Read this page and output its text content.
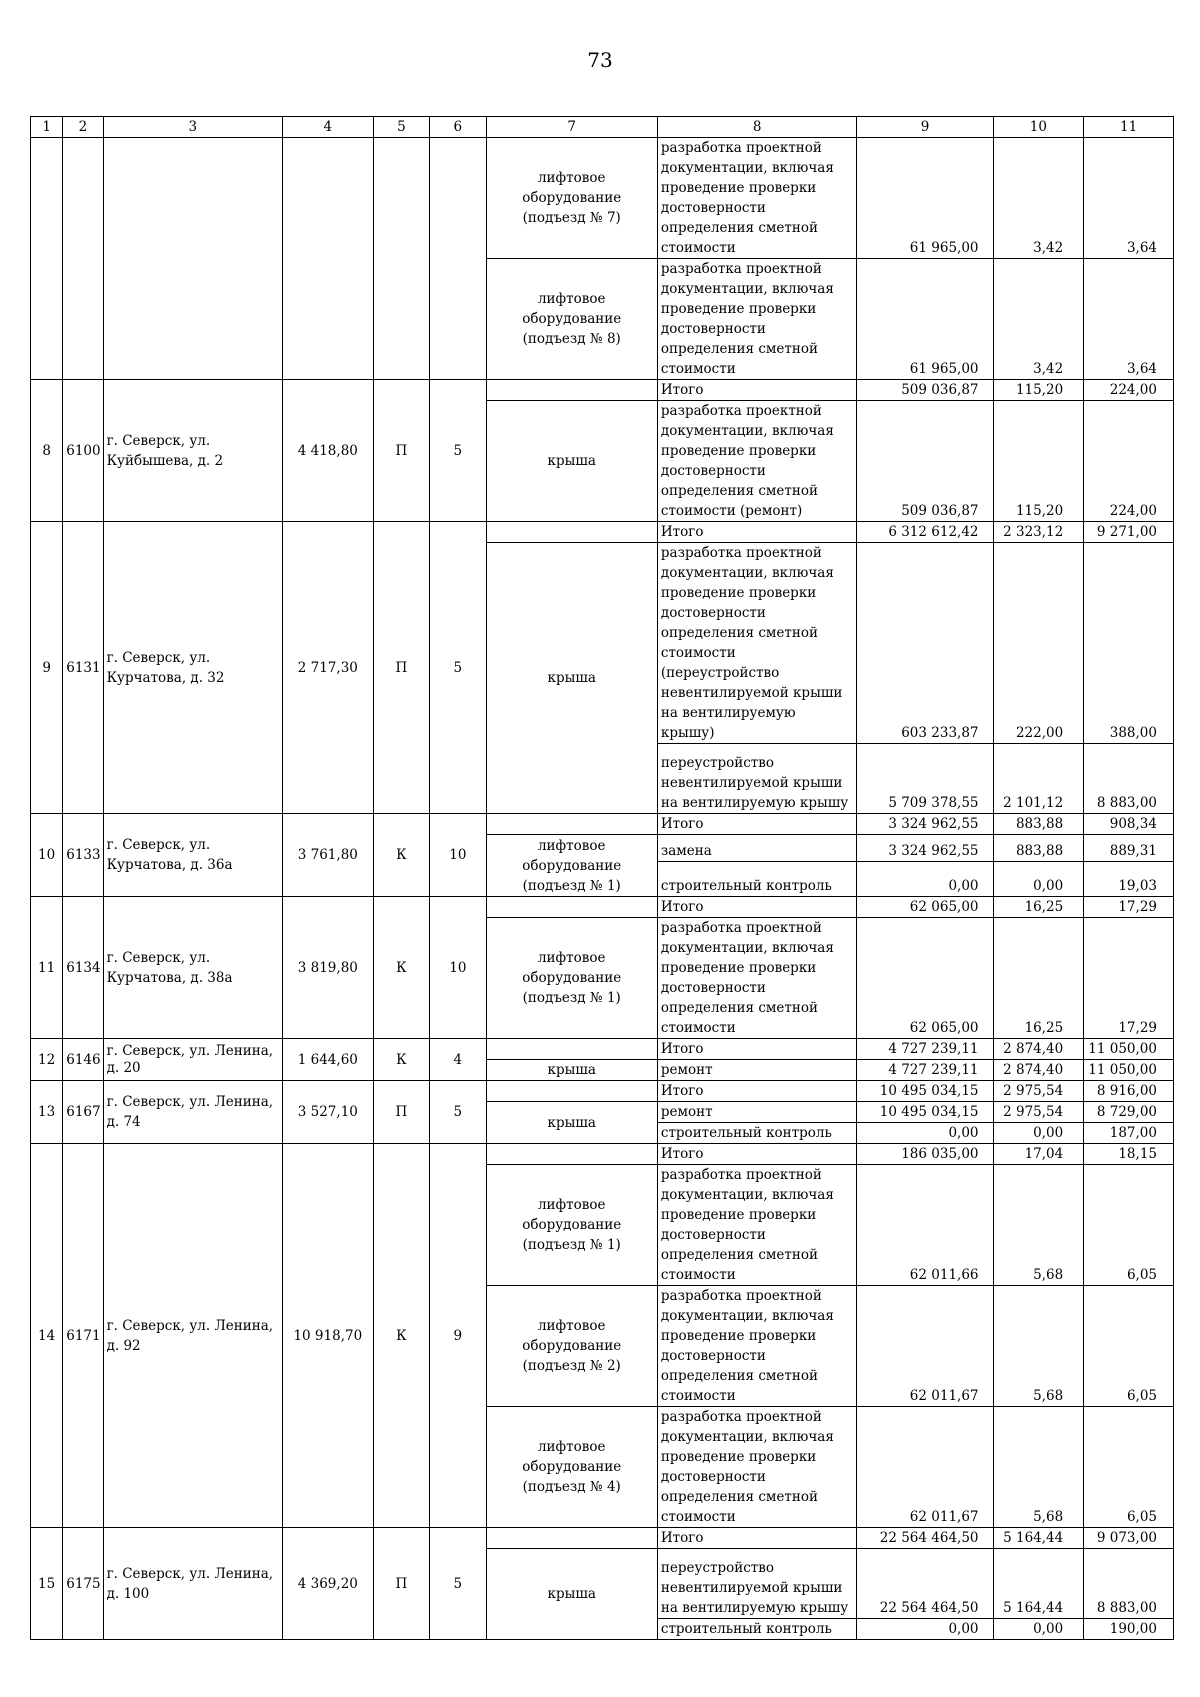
73
1	2	3	4	5	6	7	8	9	10	11
						лифтовое оборудование (подъезд № 7)	разработка проектной документации, включая проведение проверки достоверности определения сметной стоимости	61 965,00	3,42	3,64
						лифтовое оборудование (подъезд № 8)	разработка проектной документации, включая проведение проверки достоверности определения сметной стоимости	61 965,00	3,42	3,64
8	6100	г. Северск, ул. Куйбышева, д. 2	4 418,80	П	5		Итого	509 036,87	115,20	224,00
						крыша	разработка проектной документации, включая проведение проверки достоверности определения сметной стоимости (ремонт)	509 036,87	115,20	224,00
9	6131	г. Северск, ул. Курчатова, д. 32	2 717,30	П	5		Итого	6 312 612,42	2 323,12	9 271,00
						крыша	разработка проектной документации, включая проведение проверки достоверности определения сметной стоимости (переустройство невентилируемой крыши на вентилируемую крышу)	603 233,87	222,00	388,00
							переустройство невентилируемой крыши на вентилируемую крышу	5 709 378,55	2 101,12	8 883,00
10	6133	г. Северск, ул. Курчатова, д. 36а	3 761,80	К	10		Итого	3 324 962,55	883,88	908,34
						лифтовое оборудование (подъезд № 1)	замена	3 324 962,55	883,88	889,31
							строительный контроль	0,00	0,00	19,03
11	6134	г. Северск, ул. Курчатова, д. 38а	3 819,80	К	10		Итого	62 065,00	16,25	17,29
						лифтовое оборудование (подъезд № 1)	разработка проектной документации, включая проведение проверки достоверности определения сметной стоимости	62 065,00	16,25	17,29
12	6146	г. Северск, ул. Ленина, д. 20	1 644,60	К	4		Итого	4 727 239,11	2 874,40	11 050,00
						крыша	ремонт	4 727 239,11	2 874,40	11 050,00
13	6167	г. Северск, ул. Ленина, д. 74	3 527,10	П	5		Итого	10 495 034,15	2 975,54	8 916,00
						крыша	ремонт	10 495 034,15	2 975,54	8 729,00
							строительный контроль	0,00	0,00	187,00
14	6171	г. Северск, ул. Ленина, д. 92	10 918,70	К	9		Итого	186 035,00	17,04	18,15
						лифтовое оборудование (подъезд № 1)	разработка проектной документации, включая проведение проверки достоверности определения сметной стоимости	62 011,66	5,68	6,05
						лифтовое оборудование (подъезд № 2)	разработка проектной документации, включая проведение проверки достоверности определения сметной стоимости	62 011,67	5,68	6,05
						лифтовое оборудование (подъезд № 4)	разработка проектной документации, включая проведение проверки достоверности определения сметной стоимости	62 011,67	5,68	6,05
15	6175	г. Северск, ул. Ленина, д. 100	4 369,20	П	5		Итого	22 564 464,50	5 164,44	9 073,00
						крыша	переустройство невентилируемой крыши на вентилируемую крышу	22 564 464,50	5 164,44	8 883,00
							строительный контроль	0,00	0,00	190,00
